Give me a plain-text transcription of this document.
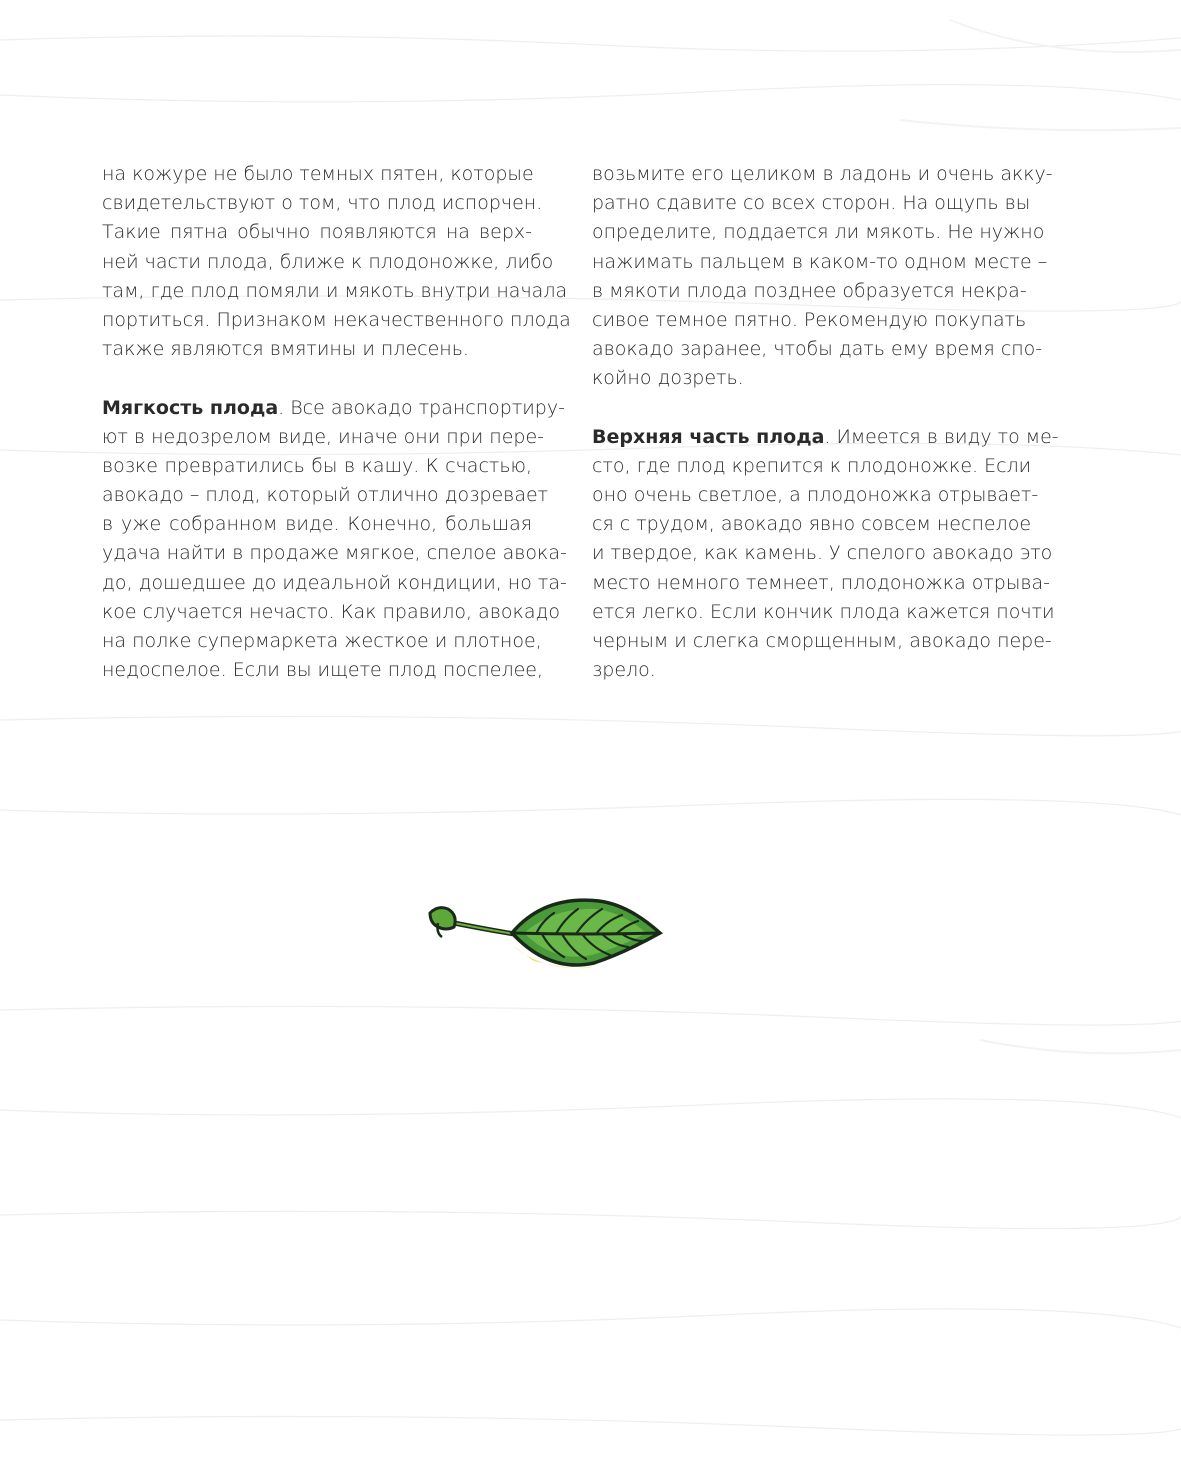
на кожуре не было темных пятен, которые
свидетельствуют о том, что плод испорчен.
Такие пятна обычно появляются на верх-
ней части плода, ближе к плодоножке, либо
там, где плод помяли и мякоть внутри начала
портиться. Признаком некачественного плода
также являются вмятины и плесень.
Мягкость плода. Все авокадо транспортиру-
ют в недозрелом виде, иначе они при пере-
возке превратились бы в кашу. К счастью,
авокадо – плод, который отлично дозревает
в уже собранном виде. Конечно, большая
удача найти в продаже мягкое, спелое авока-
до, дошедшее до идеальной кондиции, но та-
кое случается нечасто. Как правило, авокадо
на полке супермаркета жесткое и плотное,
недоспелое. Если вы ищете плод поспелее,
возьмите его целиком в ладонь и очень акку-
ратно сдавите со всех сторон. На ощупь вы
определите, поддается ли мякоть. Не нужно
нажимать пальцем в каком-то одном месте –
в мякоти плода позднее образуется некра-
сивое темное пятно. Рекомендую покупать
авокадо заранее, чтобы дать ему время спо-
койно дозреть.
Верхняя часть плода. Имеется в виду то ме-
сто, где плод крепится к плодоножке. Если
оно очень светлое, а плодоножка отрывает-
ся с трудом, авокадо явно совсем неспелое
и твердое, как камень. У спелого авокадо это
место немного темнеет, плодоножка отрыва-
ется легко. Если кончик плода кажется почти
черным и слегка сморщенным, авокадо пере-
зрело.
